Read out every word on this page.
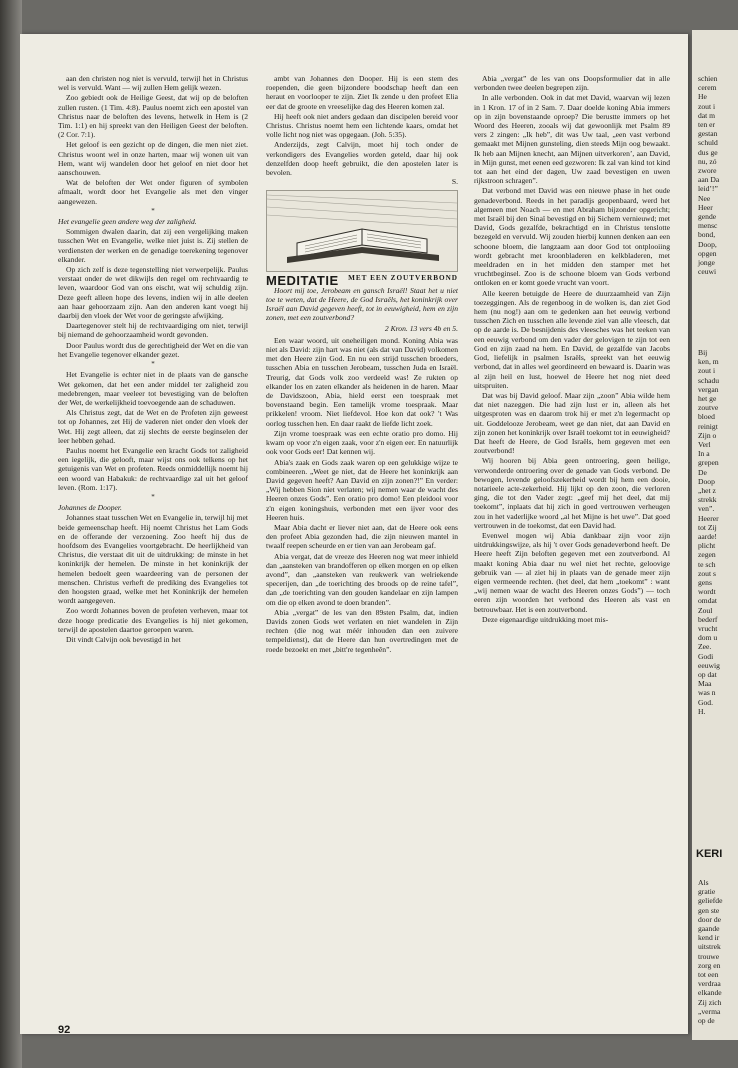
aan den christen nog niet is vervuld, terwijl het in Christus wel is vervuld. Want — wij zullen Hem gelijk wezen.

Zoo gebiedt ook de Heilige Geest, dat wij op de beloften zullen rusten. (1 Tim. 4:8). Paulus noemt zich een apostel van Christus naar de beloften des levens, hetwelk in Hem is (2 Tim. 1:1) en hij spreekt van den Heiligen Geest der beloften. (2 Cor. 7:1).

Het geloof is een gezicht op de dingen, die men niet ziet. Christus woont wel in onze harten, maar wij wonen uit van Hem, want wij wandelen door het geloof en niet door het aanschouwen.

Wat de beloften der Wet onder figuren of symbolen afmaalt, wordt door het Evangelie als met den vinger aangewezen.

*

Het evangelie geen andere weg der zaligheid.

Sommigen dwalen daarin, dat zij een vergelijking maken tusschen Wet en Evangelie, welke niet juist is. Zij stellen de verdiensten der werken en de genadige toerekening tegenover elkander.

Op zich zelf is deze tegenstelling niet verwerpelijk. Paulus verstaat onder de wet dikwijls den regel om rechtvaardig te leven, waardoor God van ons eischt, wat wij schuldig zijn. Deze geeft alleen hope des levens, indien wij in alle deelen aan haar gehoorzaam zijn. Aan den anderen kant voegt hij daarbij den vloek der Wet voor de geringste afwijking.

Daartegenover stelt hij de rechtvaardiging om niet, terwijl bij niemand de gehoorzaamheid wordt gevonden.

Door Paulus wordt dus de gerechtigheid der Wet en die van het Evangelie tegenover elkander gezet.

*

Het Evangelie is echter niet in de plaats van de gansche Wet gekomen, dat het een ander middel ter zaligheid zou medebrengen, maar veeleer tot bevestiging van de beloften der Wet, de werkelijkheid toevoegende aan de schaduwen.

Als Christus zegt, dat de Wet en de Profeten zijn geweest tot op Johannes, zet Hij de vaderen niet onder den vloek der Wet. Hij zegt alleen, dat zij slechts de eerste beginselen der leer hebben gehad.

Paulus noemt het Evangelie een kracht Gods tot zaligheid een iegelijk, die gelooft, maar wijst ons ook telkens op het getuigenis van Wet en profeten. Reeds onmiddellijk noemt hij een woord van Habakuk: de rechtvaardige zal uit het geloof leven. (Rom. 1:17).

*

Johannes de Dooper.

Johannes staat tusschen Wet en Evangelie in, terwijl hij met beide gemeenschap heeft. Hij noemt Christus het Lam Gods en de offerande der verzoening. Zoo heeft hij dus de hoofdsom des Evangelies voortgebracht. De heerlijkheid van Christus, die verstaat dit uit de uitdrukking: de minste in het koninkrijk der hemelen. De minste in het koninkrijk der hemelen bedoelt geen waardeering van de personen der menschen. Christus verheft de prediking des Evangelies tot den hoogsten graad, welke met het Koninkrijk der hemelen wordt aangegeven.

Zoo wordt Johannes boven de profeten verheven, maar tot deze hooge predicatie des Evangelies is hij niet gekomen, terwijl de apostelen daartoe geroepen waren.

Dit vindt Calvijn ook bevestigd in het

ambt van Johannes den Dooper. Hij is een stem des roependen, die geen bijzondere boodschap heeft dan een heraut en voorlooper te zijn. Ziet Ik zende u den profeet Elia eer dat de groote en vreeselijke dag des Heeren komen zal.

Hij heeft ook niet anders gedaan dan discipelen bereid voor Christus. Christus noemt hem een lichtende kaars, omdat het volle licht nog niet was opgegaan. (Joh. 5:35).

Anderzijds, zegt Calvijn, moet hij toch onder de verkondigers des Evangelies worden geteld, daar hij ook denzelfden doop heeft gebruikt, die den apostelen later is bevolen.

S.
MEDITATIE	MET EEN ZOUTVERBOND

Hoort mij toe, Jerobeam en gansch Israël! Staat het u niet toe te weten, dat de Heere, de God Israëls, het koninkrijk over Israël aan David gegeven heeft, tot in eeuwigheid, hem en zijn zonen, met een zoutverbond?

2 Kron. 13 vers 4b en 5.

Een waar woord, uit oneheiligen mond. Koning Abia was niet als David: zijn hart was niet (als dat van David) volkomen met den Heere zijn God. En nu een strijd tusschen broeders, tusschen Abia en tusschen Jerobeam, tusschen Juda en Israël. Treurig, dat Gods volk zoo verdeeld was! Ze rukten op elkander los en zaten elkander als heidenen in de haren. Maar de Davidszoon, Abia, hield eerst een toespraak met bovenstaand begin. Een tamelijk vrome toespraak. Maar prikkelen! vroom. Niet liefdevol. Hoe kon dat ook? 't Was oorlog tusschen hen. En daar raakt de liefde licht zoek.

Zijn vrome toespraak was een echte oratio pro domo. Hij kwam op voor z'n eigen zaak, voor z'n eigen eer. En natuurlijk ook voor Gods eer! Dat kennen wij.

Abia's zaak en Gods zaak waren op een gelukkige wijze te combineeren. „Weet ge niet, dat de Heere het koninkrijk aan David gegeven heeft? Aan David en zijn zonen?!” En verder: „Wij hebben Sion niet verlaten; wij nemen waar de wacht des Heeren onzes Gods”. Een oratio pro domo! Een pleidooi voor z'n eigen koningshuis, verbonden met een ijver voor des Heeren huis.

Maar Abia dacht er liever niet aan, dat de Heere ook eens den profeet Abia gezonden had, die zijn nieuwen mantel in twaalf reepen scheurde en er tien van aan Jerobeam gaf.

Abia vergat, dat de vreeze des Heeren nog wat meer inhield dan „aansteken van brandofferen op elken morgen en op elken avond”, dan „aansteken van reukwerk van welriekende specerijen, dan „de toerichting des broods op de reine tafel”, dan „de toerichting van den gouden kandelaar en zijn lampen om die op elken avond te doen branden”.

Abia „vergat” de les van den 89sten Psalm, dat, indien Davids zonen Gods wet verlaten en niet wandelen in Zijn rechten (die nog wat méér inhouden dan een zuivere tempeldienst), dat de Heere dan hun overtredingen met de roede bezoekt en met „bitt're tegenheên”.

Abia „vergat” de les van ons Doopsformulier dat in alle verbonden twee deelen begrepen zijn.

In alle verbonden. Ook in dat met David, waarvan wij lezen in 1 Kron. 17 of in 2 Sam. 7. Daar doelde koning Abia immers op in zijn bovenstaande oproep? Die berustte immers op het Woord des Heeren, zooals wij dat gewoonlijk met Psalm 89 vers 2 zingen: „Ik heb”, dit was Uw taal, „een vast verbond gemaakt met Mijnen gunsteling, dien steeds Mijn oog bewaakt. Ik heb aan Mijnen knecht, aan Mijnen uitverkoren’, aan David, in Mijn gunst, met eenen eed gezworen: Ik zal van kind tot kind tot aan het eind der dagen, Uw zaad bevestigen en uwen rijkstroon schragen”.

Dat verbond met David was een nieuwe phase in het oude genadeverbond. Reeds in het paradijs geopenbaard, werd het algemeen met Noach — en met Abraham bijzonder opgericht; met Israël bij den Sinaï bevestigd en bij Sichem vernieuwd; met David, Gods gezalfde, bekrachtigd en in Christus tenslotte bezegeld en vervuld. Wij zouden hierbij kunnen denken aan een schoone bloem, die langzaam aan door God tot ontplooiing wordt gebracht met kroonbladeren en kelkbladeren, met meeldraden en in het midden den stamper met het vruchtbeginsel. Zoo is de schoone bloem van Gods verbond ontloken en er komt goede vrucht van voort.

Alle keeren betuigde de Heere de duurzaamheid van Zijn toezeggingen. Als de regenboog in de wolken is, dan ziet God hem (nu nog!) aan om te gedenken aan het eeuwig verbond tusschen Zich en tusschen alle levende ziel van alle vleesch, dat op de aarde is. De besnijdenis des vleesches was het teeken van een eeuwig verbond om den vader der gelovigen te zijn tot een God en zijn zaad na hem. En David, de gezalfde van Jacobs God, liefelijk in psalmen Israëls, spreekt van het eeuwig verbond, dat in alles wel geordineerd en bewaard is. Daarin was al zijn heil en lust, hoewel de Heere het nog niet deed uitspruiten.

Dat was bij David geloof. Maar zijn „zoon” Abia wilde hem dat niet nazeggen. Die had zijn lust er in, alleen als het uitgesproten was en daarom trok hij er met z'n legermacht op uit. Goddelooze Jerobeam, weet ge dan niet, dat aan David en zijn zonen het koninkrijk over Israël toekomt tot in eeuwigheid? Dat heeft de Heere, de God Israëls, hem gegeven met een zoutverbond!

Wij hooren bij Abia geen ontroering, geen heilige, verwonderde ontroering over de genade van Gods verbond. De bewogen, levende geloofszekerheid wordt bij hem een dooie, notarieele acte-zekerheid. Hij lijkt op den zoon, die verloren ging, die tot den Vader zegt: „geef mij het deel, dat mij toekomt”, inplaats dat hij zich in goed vertrouwen verheugen zou in het vaderlijke woord „al het Mijne is het uwe”. Dat goed vertrouwen in de toekomst, dat een David had.

Evenwel mogen wij Abia dankbaar zijn voor zijn uitdrukkingswijze, als hij 't over Gods genadeverbond heeft. De Heere heeft Zijn beloften gegeven met een zoutverbond. Al maakt koning Abia daar nu wel niet het rechte, geloovige gebruik van — al ziet hij in plaats van de genade meer zijn eigen vermeende rechten. (het deel, dat hem „toekomt” : want „wij nemen waar de wacht des Heeren onzes Gods”) — toch eeren zijn woorden het verbond des Heeren als vast en betrouwbaar. Het is een zoutverbond.

Deze eigenaardige uitdrukking moet mis-

92
schien
cerem
He
zout i
dat m
ten er
gestan
schuld
dus ge
nu, zó
zwore
aan Da
leid’!”
Nee
Heer
gende
mensc
bond,
Doop,
opgen
jonge
ceuwi
Bij
ken, m
zout i
schadu
vergan
het ge
zoutve
bloed
reinigt
Zijn o
Verl
In a
grepen
De
Doop
„het z
strekk
ven”.
Heerer
tot Zij
aarde!
plicht
zegen
te sch
zout s
gens
wordt
omdat
Zoul
bederf
vrucht
dom u
Zee.
Godi
eeuwig
op dat
Maa
was n
God.
H.
KERI
Als
gratie
geliefde
gen ste
door de
gaande
kend ir
uitstrek
trouwe
zorg en
tot een
verdraa
elkande
Zij zich
„verma
op de
